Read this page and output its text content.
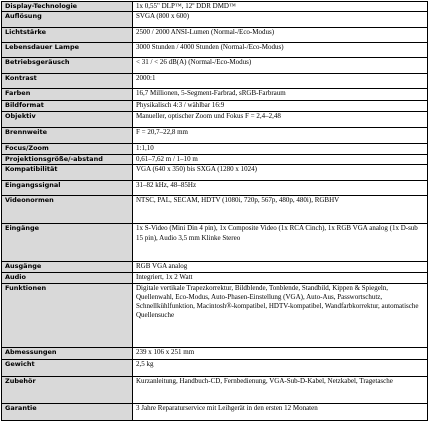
Display-Technologie	1x 0,55" DLP™, 12º DDR DMD™
Auflösung	SVGA (800 x 600)
Lichtstärke	2500 / 2000 ANSI-Lumen (Normal-/Eco-Modus)
Lebensdauer Lampe	3000 Stunden / 4000 Stunden (Normal-/Eco-Modus)
Betriebsgeräusch	< 31 / < 26 dB(A) (Normal-/Eco-Modus)
Kontrast	2000:1
Farben	16,7 Millionen, 5-Segment-Farbrad, sRGB-Farbraum
Bildformat	Physikalisch 4:3 / wählbar 16:9
Objektiv	Manueller, optischer Zoom und Fokus F = 2,4–2,48
Brennweite	F = 20,7–22,8 mm
Focus/Zoom	1:1,10
Projektionsgröße/-abstand	0,61–7,62 m / 1–10 m
Kompatibilität	VGA (640 x 350) bis SXGA (1280 x 1024)
Eingangssignal	31–82 kHz, 48–85Hz
Videonormen	NTSC, PAL, SECAM, HDTV (1080i, 720p, 567p, 480p, 480i), RGBHV
Eingänge	1x S-Video (Mini Din 4 pin), 1x Composite Video (1x RCA Cinch), 1x RGB VGA analog (1x D-sub 15 pin), Audio 3,5 mm Klinke Stereo
Ausgänge	RGB VGA analog
Audio	Integriert, 1x 2 Watt
Funktionen	Digitale vertikale Trapezkorrektur, Bildblende, Tonblende, Standbild, Kippen & Spiegeln, Quellenwahl, Eco-Modus, Auto-Phasen-Einstellung (VGA), Auto-Aus, Passwortschutz, Schnellkühlfunktion, Macintosh®-kompatibel, HDTV-kompatibel, Wandfarbkorrektur, automatische Quellensuche
Abmessungen	239 x 106 x 251 mm
Gewicht	2,5 kg
Zubehör	Kurzanleitung, Handbuch-CD, Fernbedienung, VGA-Sub-D-Kabel, Netzkabel, Tragetasche
Garantie	3 Jahre Reparaturservice mit Leihgerät in den ersten 12 Monaten
